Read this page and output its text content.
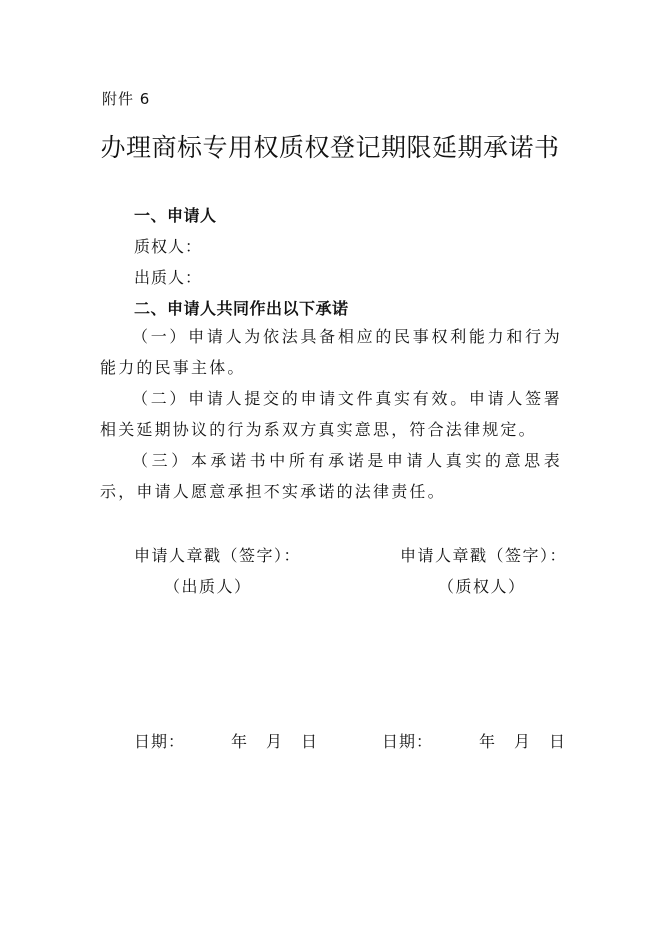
附件 6
办理商标专用权质权登记期限延期承诺书
一、申请人
质权人：
出质人：
二、申请人共同作出以下承诺
（一）申请人为依法具备相应的民事权利能力和行为能力的民事主体。
（二）申请人提交的申请文件真实有效。申请人签署相关延期协议的行为系双方真实意思，符合法律规定。
（三）本承诺书中所有承诺是申请人真实的意思表示，申请人愿意承担不实承诺的法律责任。
申请人章戳（签字）：
（出质人）
申请人章戳（签字）：
（质权人）
日期：	年 月 日	日期：	年 月 日
